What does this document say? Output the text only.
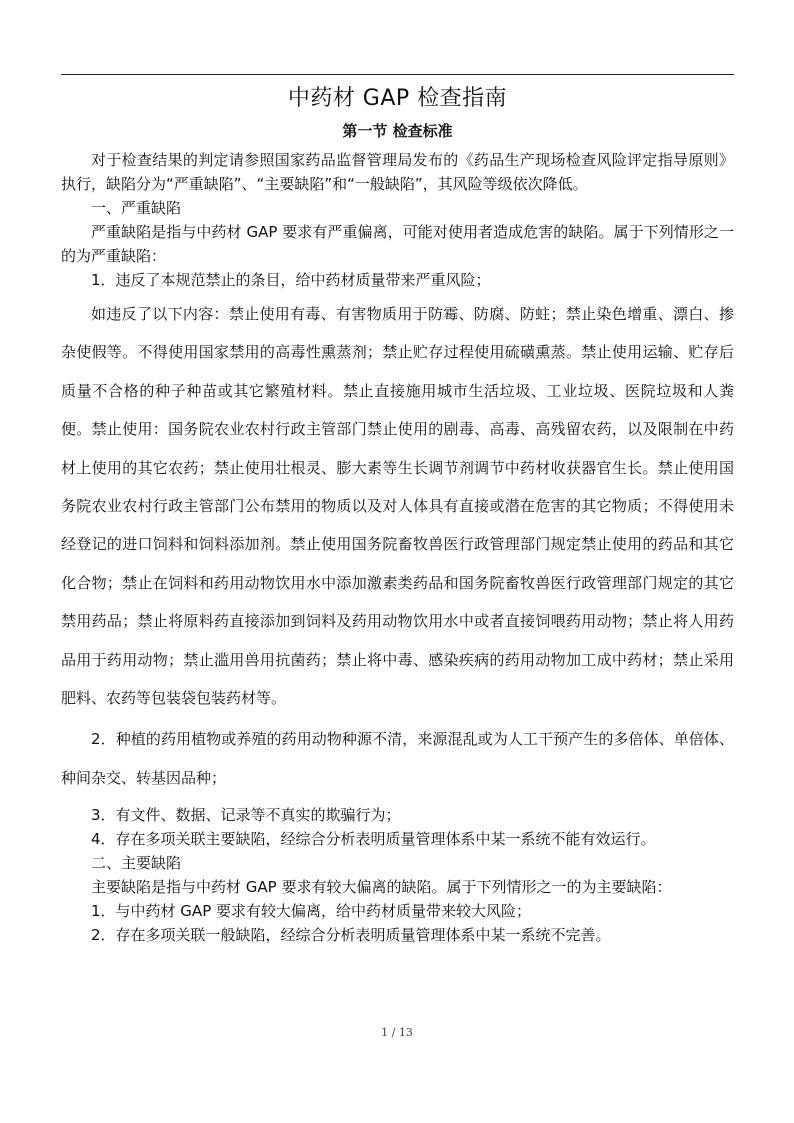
中药材 GAP 检查指南
第一节 检查标准

对于检查结果的判定请参照国家药品监督管理局发布的《药品生产现场检查风险评定指导原则》执行，缺陷分为“严重缺陷”、“主要缺陷”和“一般缺陷”，其风险等级依次降低。

一、严重缺陷

严重缺陷是指与中药材 GAP 要求有严重偏离，可能对使用者造成危害的缺陷。属于下列情形之一的为严重缺陷：

1．违反了本规范禁止的条目，给中药材质量带来严重风险；

如违反了以下内容：禁止使用有毒、有害物质用于防霉、防腐、防蛀；禁止染色增重、漂白、掺杂使假等。不得使用国家禁用的高毒性熏蒸剂；禁止贮存过程使用硫磺熏蒸。禁止使用运输、贮存后质量不合格的种子种苗或其它繁殖材料。禁止直接施用城市生活垃圾、工业垃圾、医院垃圾和人粪便。禁止使用：国务院农业农村行政主管部门禁止使用的剧毒、高毒、高残留农药，以及限制在中药材上使用的其它农药；禁止使用壮根灵、膨大素等生长调节剂调节中药材收获器官生长。禁止使用国务院农业农村行政主管部门公布禁用的物质以及对人体具有直接或潜在危害的其它物质；不得使用未经登记的进口饲料和饲料添加剂。禁止使用国务院畜牧兽医行政管理部门规定禁止使用的药品和其它化合物；禁止在饲料和药用动物饮用水中添加激素类药品和国务院畜牧兽医行政管理部门规定的其它禁用药品；禁止将原料药直接添加到饲料及药用动物饮用水中或者直接饲喂药用动物；禁止将人用药品用于药用动物；禁止滥用兽用抗菌药；禁止将中毒、感染疾病的药用动物加工成中药材；禁止采用肥料、农药等包装袋包装药材等。

2．种植的药用植物或养殖的药用动物种源不清，来源混乱或为人工干预产生的多倍体、单倍体、种间杂交、转基因品种；

3．有文件、数据、记录等不真实的欺骗行为；

4．存在多项关联主要缺陷，经综合分析表明质量管理体系中某一系统不能有效运行。

二、主要缺陷

主要缺陷是指与中药材 GAP 要求有较大偏离的缺陷。属于下列情形之一的为主要缺陷：

1．与中药材 GAP 要求有较大偏离，给中药材质量带来较大风险；

2．存在多项关联一般缺陷，经综合分析表明质量管理体系中某一系统不完善。

1 / 13
